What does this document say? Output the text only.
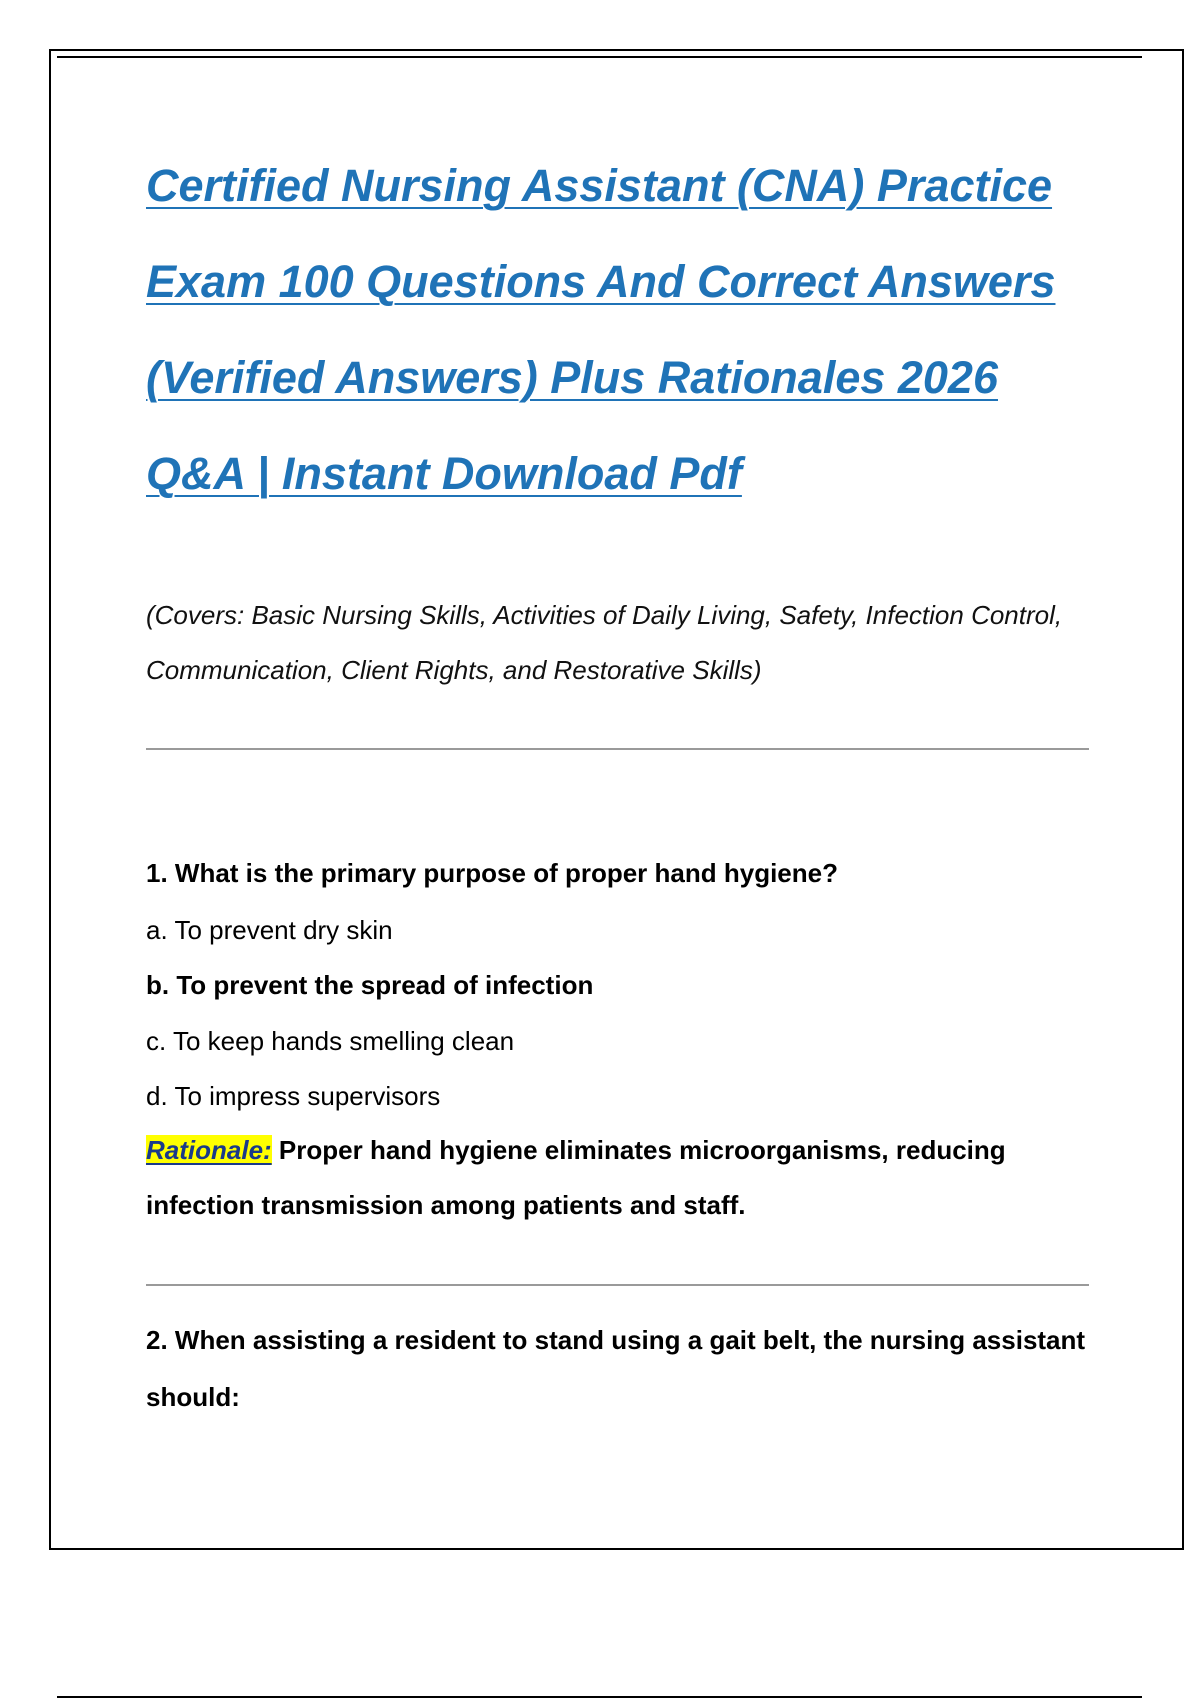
Certified Nursing Assistant (CNA) Practice Exam 100 Questions And Correct Answers (Verified Answers) Plus Rationales 2026 Q&A | Instant Download Pdf

(Covers: Basic Nursing Skills, Activities of Daily Living, Safety, Infection Control, Communication, Client Rights, and Restorative Skills)

1. What is the primary purpose of proper hand hygiene?

a. To prevent dry skin

b. To prevent the spread of infection

c. To keep hands smelling clean

d. To impress supervisors

Rationale: Proper hand hygiene eliminates microorganisms, reducing infection transmission among patients and staff.

2. When assisting a resident to stand using a gait belt, the nursing assistant should:
